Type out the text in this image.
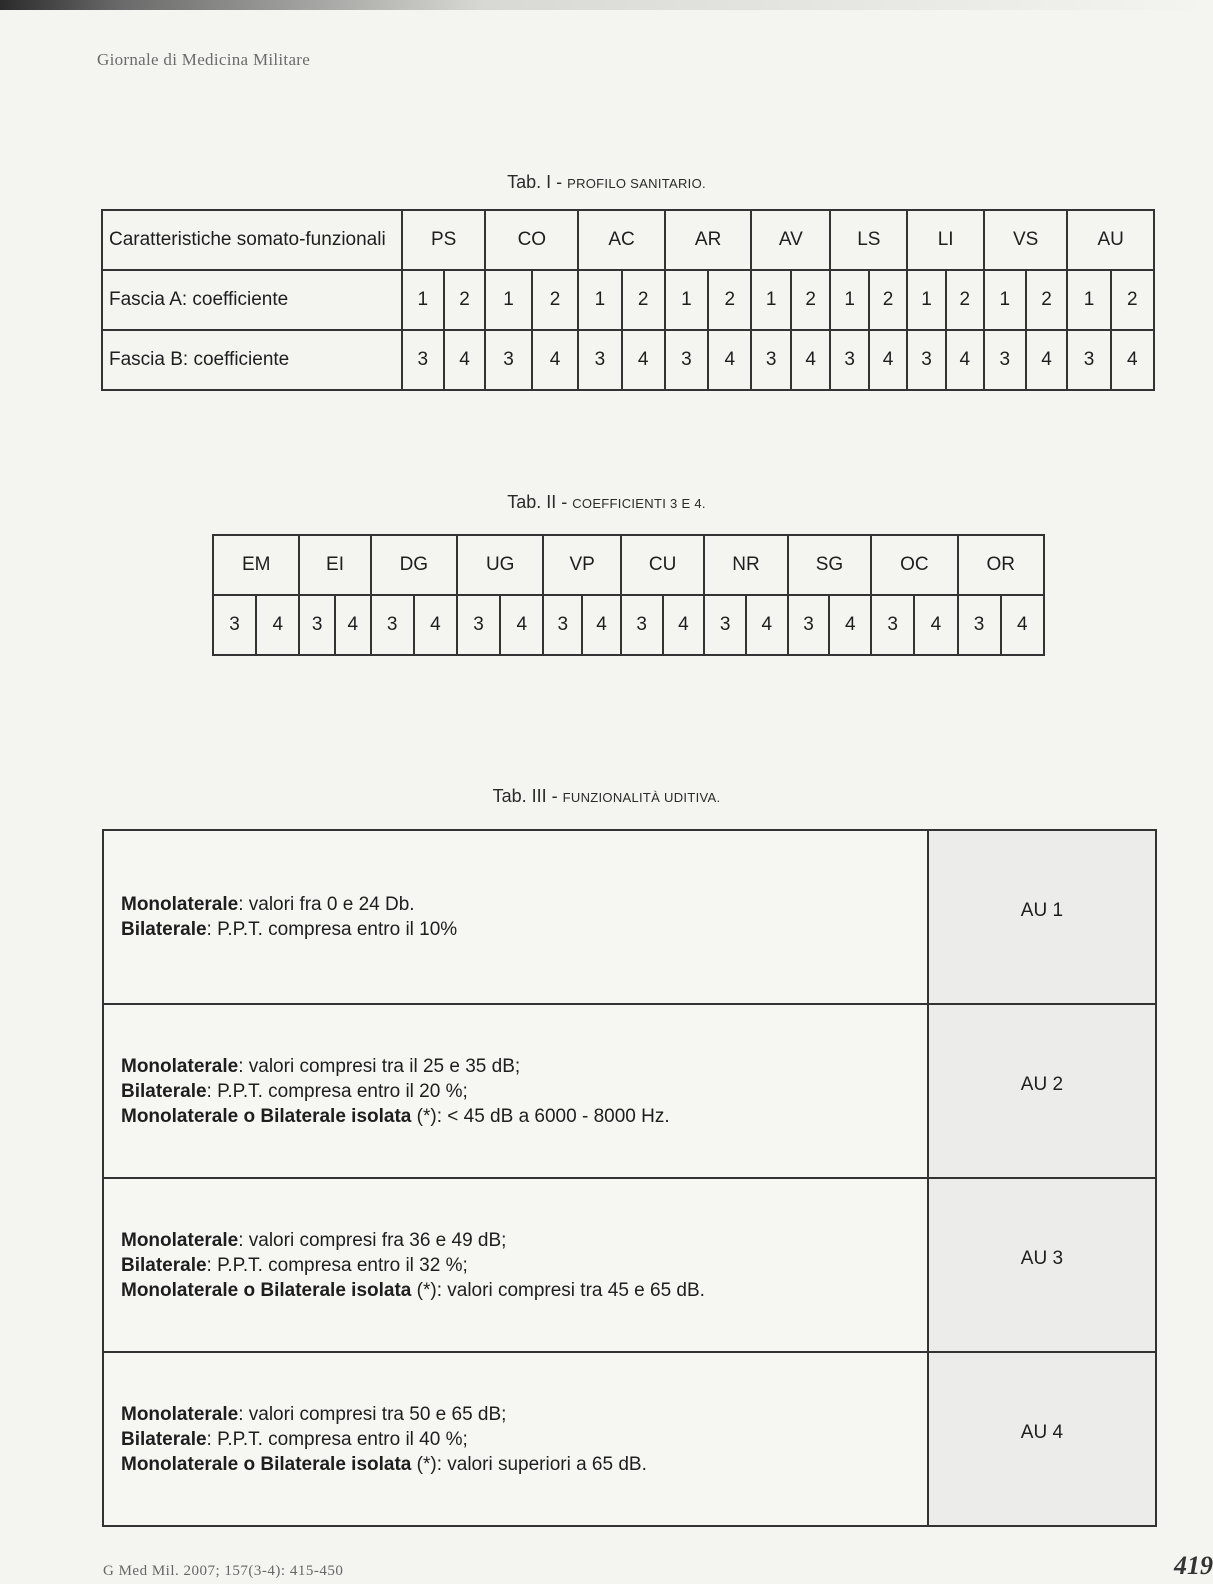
Giornale di Medicina Militare
Tab. I - PROFILO SANITARIO.
Caratteristiche somato-funzionali	PS		CO		AC		AR		AV		LS		LI		VS		AU	
Fascia A: coefficiente	1	2	1	2	1	2	1	2	1	2	1	2	1	2	1	2	1	2
Fascia B: coefficiente	3	4	3	4	3	4	3	4	3	4	3	4	3	4	3	4	3	4
Tab. II - COEFFICIENTI 3 E 4.
EM		EI		DG		UG		VP		CU		NR		SG		OC		OR	
3	4	3	4	3	4	3	4	3	4	3	4	3	4	3	4	3	4	3	4
Tab. III - FUNZIONALITÀ UDITIVA.
Monolaterale: valori fra 0 e 24 Db.
Bilaterale: P.P.T. compresa entro il 10%	AU 1

Monolaterale: valori compresi tra il 25 e 35 dB;
Bilaterale: P.P.T. compresa entro il 20 %;
Monolaterale o Bilaterale isolata (*): < 45 dB a 6000 - 8000 Hz.	AU 2

Monolaterale: valori compresi fra 36 e 49 dB;
Bilaterale: P.P.T. compresa entro il 32 %;
Monolaterale o Bilaterale isolata (*): valori compresi tra 45 e 65 dB.	AU 3

Monolaterale: valori compresi tra 50 e 65 dB;
Bilaterale: P.P.T. compresa entro il 40 %;
Monolaterale o Bilaterale isolata (*): valori superiori a 65 dB.	AU 4
G Med Mil. 2007; 157(3-4): 415-450	419
